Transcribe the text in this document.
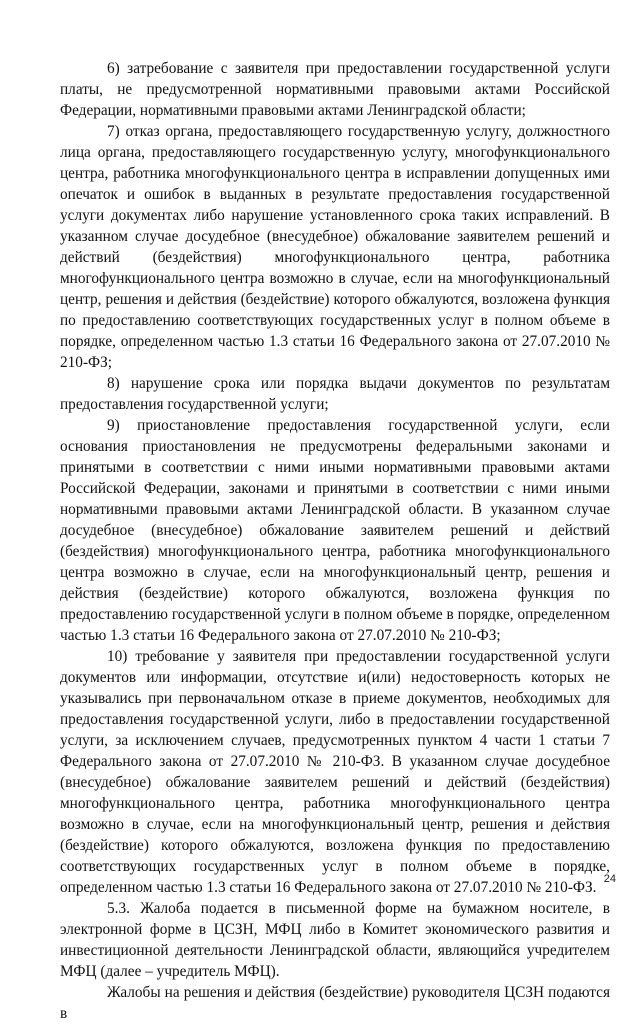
6) затребование с заявителя при предоставлении государственной услуги платы, не предусмотренной нормативными правовыми актами Российской Федерации, нормативными правовыми актами Ленинградской области;

7) отказ органа, предоставляющего государственную услугу, должностного лица органа, предоставляющего государственную услугу, многофункционального центра, работника многофункционального центра в исправлении допущенных ими опечаток и ошибок в выданных в результате предоставления государственной услуги документах либо нарушение установленного срока таких исправлений. В указанном случае досудебное (внесудебное) обжалование заявителем решений и действий (бездействия) многофункционального центра, работника многофункционального центра возможно в случае, если на многофункциональный центр, решения и действия (бездействие) которого обжалуются, возложена функция по предоставлению соответствующих государственных услуг в полном объеме в порядке, определенном частью 1.3 статьи 16 Федерального закона от 27.07.2010 № 210-ФЗ;

8) нарушение срока или порядка выдачи документов по результатам предоставления государственной услуги;

9) приостановление предоставления государственной услуги, если основания приостановления не предусмотрены федеральными законами и принятыми в соответствии с ними иными нормативными правовыми актами Российской Федерации, законами и принятыми в соответствии с ними иными нормативными правовыми актами Ленинградской области. В указанном случае досудебное (внесудебное) обжалование заявителем решений и действий (бездействия) многофункционального центра, работника многофункционального центра возможно в случае, если на многофункциональный центр, решения и действия (бездействие) которого обжалуются, возложена функция по предоставлению государственной услуги в полном объеме в порядке, определенном частью 1.3 статьи 16 Федерального закона от 27.07.2010 № 210-ФЗ;

10) требование у заявителя при предоставлении государственной услуги документов или информации, отсутствие и(или) недостоверность которых не указывались при первоначальном отказе в приеме документов, необходимых для предоставления государственной услуги, либо в предоставлении государственной услуги, за исключением случаев, предусмотренных пунктом 4 части 1 статьи 7 Федерального закона от 27.07.2010 № 210-ФЗ. В указанном случае досудебное (внесудебное) обжалование заявителем решений и действий (бездействия) многофункционального центра, работника многофункционального центра возможно в случае, если на многофункциональный центр, решения и действия (бездействие) которого обжалуются, возложена функция по предоставлению соответствующих государственных услуг в полном объеме в порядке, определенном частью 1.3 статьи 16 Федерального закона от 27.07.2010 № 210-ФЗ.

5.3. Жалоба подается в письменной форме на бумажном носителе, в электронной форме в ЦСЗН, МФЦ либо в Комитет экономического развития и инвестиционной деятельности Ленинградской области, являющийся учредителем МФЦ (далее – учредитель МФЦ).

Жалобы на решения и действия (бездействие) руководителя ЦСЗН подаются в

24
